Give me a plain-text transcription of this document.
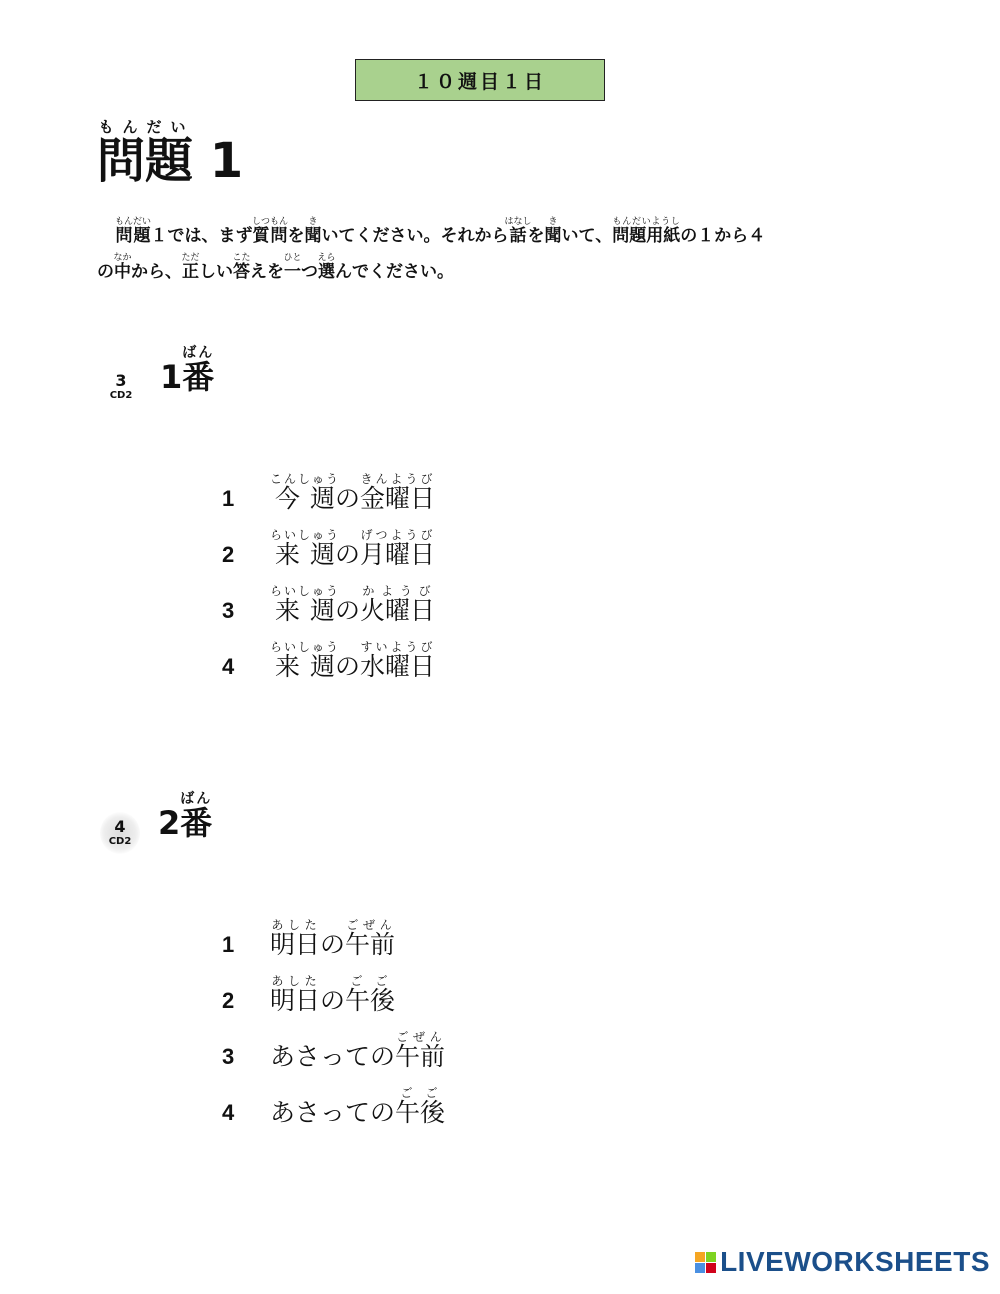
１０週目１日
問題もんだい 1
問題もんだい１では、まず質問しつもんを聞きいてください。それから話はなしを聞きいて、問題用紙もんだいようしの１から４
の中なかから、正ただしい答こたえを一ひとつ選えらんでください。
3
CD2 1番ばん
1	今週こんしゅうの金曜日きんようび
2	来週らいしゅうの月曜日げつようび
3	来週らいしゅうの火曜日かようび
4	来週らいしゅうの水曜日すいようび
4
CD2 2番ばん
1	明日あしたの午前ごぜん
2	明日あしたの午後ごご
3	あさっての午前ごぜん
4	あさっての午後ごご
LIVEWORKSHEETS
